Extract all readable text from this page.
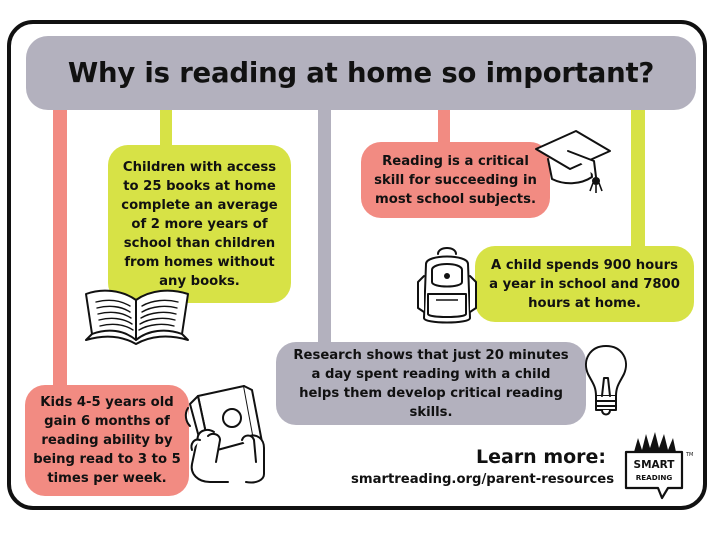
Why is reading at home so important?
Children with access to 25 books at home complete an average of 2 more years of school than children from homes without any books.
Reading is a critical skill for succeeding in most school subjects.
A child spends 900 hours a year in school and 7800 hours at home.
Research shows that just 20 minutes a day spent reading with a child helps them develop critical reading skills.
Kids 4-5 years old gain 6 months of reading ability by being read to 3 to 5 times per week.
Learn more:
smartreading.org/parent-resources
SMART
READING
TM
